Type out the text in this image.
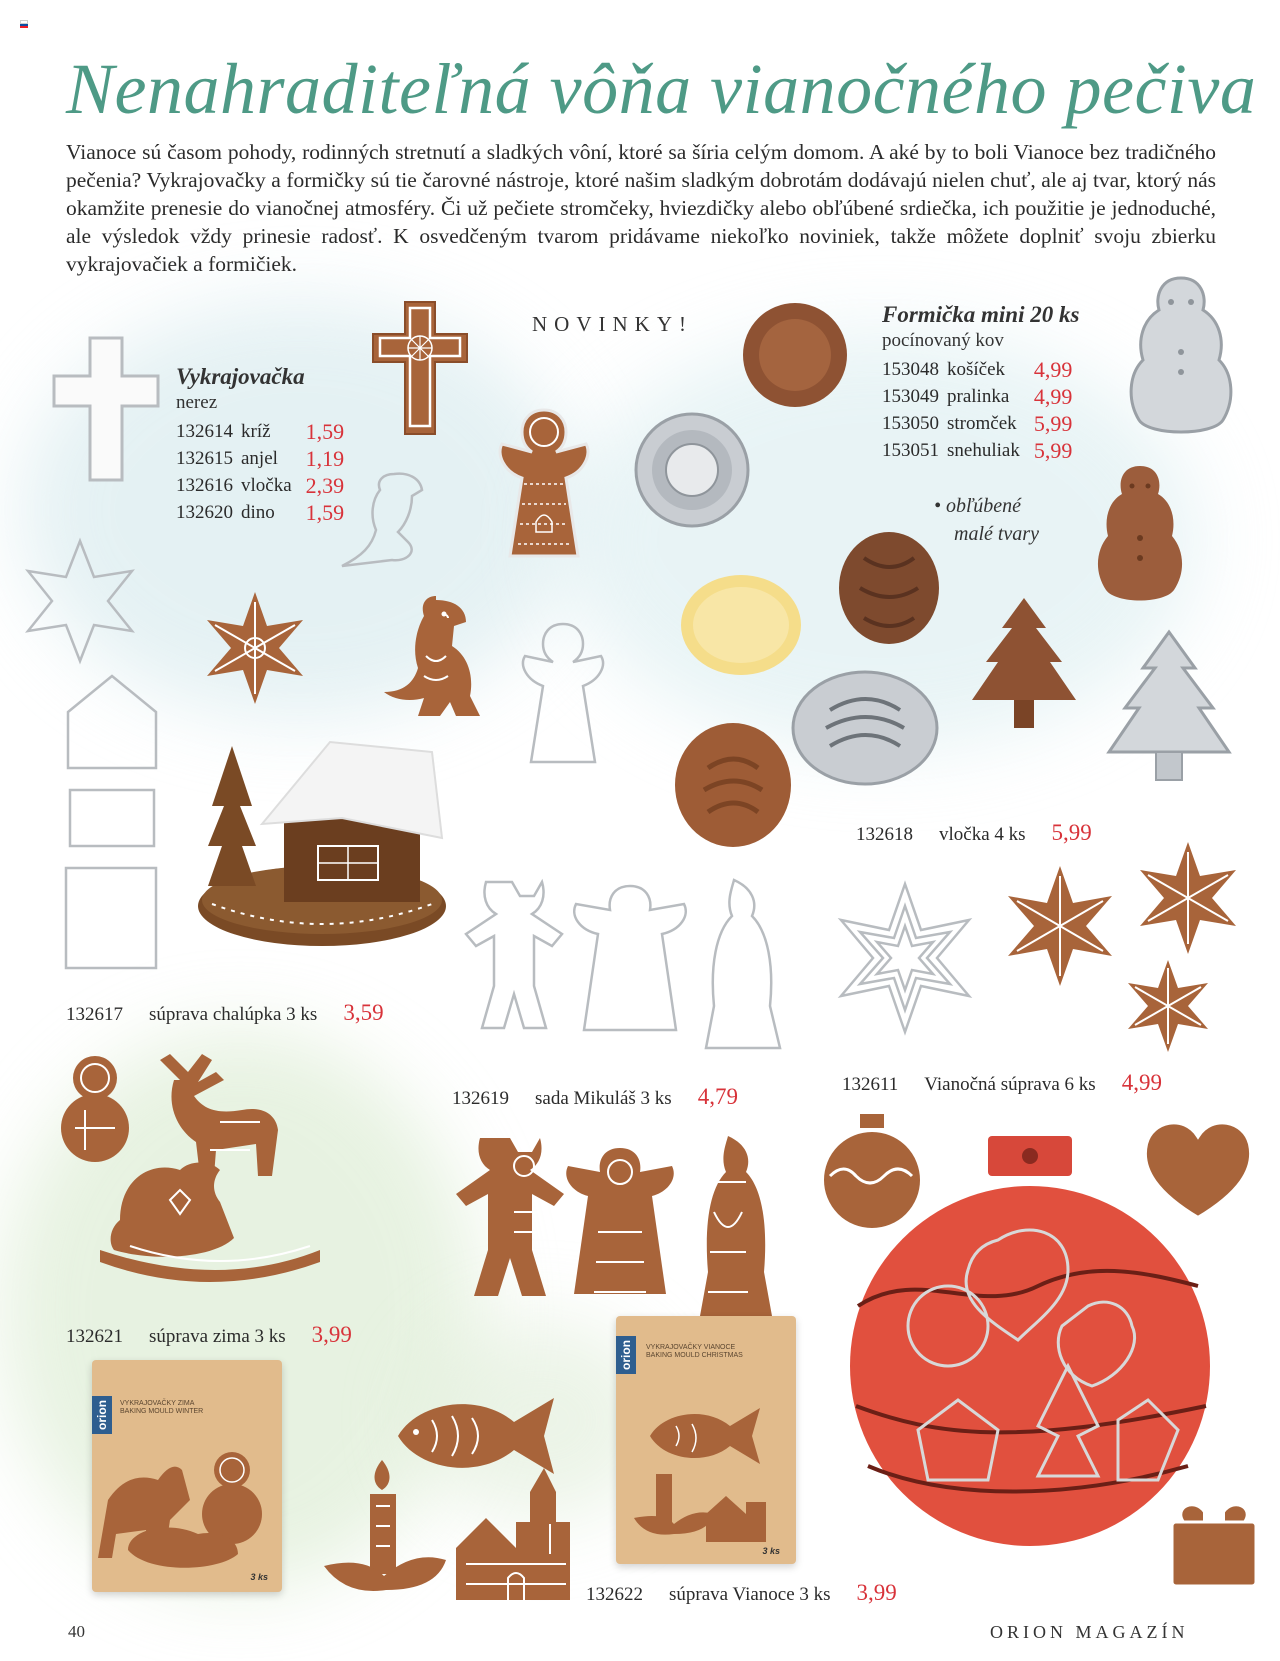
Nenahraditeľná vôňa vianočného pečiva
Vianoce sú časom pohody, rodinných stretnutí a sladkých vôní, ktoré sa šíria celým domom. A aké by to boli Vianoce bez tradičného pečenia? Vykrajovačky a formičky sú tie čarovné nástroje, ktoré našim sladkým dobrotám dodávajú nielen chuť, ale aj tvar, ktorý nás okamžite prenesie do vianočnej atmosféry. Či už pečiete stromčeky, hviezdičky alebo obľúbené srdiečka, ich použitie je jednoduché, ale výsledok vždy prinesie radosť. K osvedčeným tvarom pridávame niekoľko noviniek, takže môžete doplniť svoju zbierku vykrajovačiek a formičiek.
Vykrajovačka
nerez
132614	kríž	1,59
132615	anjel	1,19
132616	vločka	2,39
132620	dino	1,59
NOVINKY!	Formička mini 20 ks
pocínovaný kov
153048	košíček	4,99
153049	pralinka	4,99
153050	stromček	5,99
153051	snehuliak	5,99
• obľúbené
malé tvary
orion	VYKRAJOVAČKY ZIMA
BAKING MOULD WINTER
3 ks
orion	VYKRAJOVAČKY VIANOCE
BAKING MOULD CHRISTMAS
3 ks
132618 vločka 4 ks 5,99
132617 súprava chalúpka 3 ks 3,59
132619 sada Mikuláš 3 ks 4,79	132611 Vianočná súprava 6 ks 4,99
132621 súprava zima 3 ks 3,99
132622 súprava Vianoce 3 ks 3,99
40	ORION MAGAZÍN
